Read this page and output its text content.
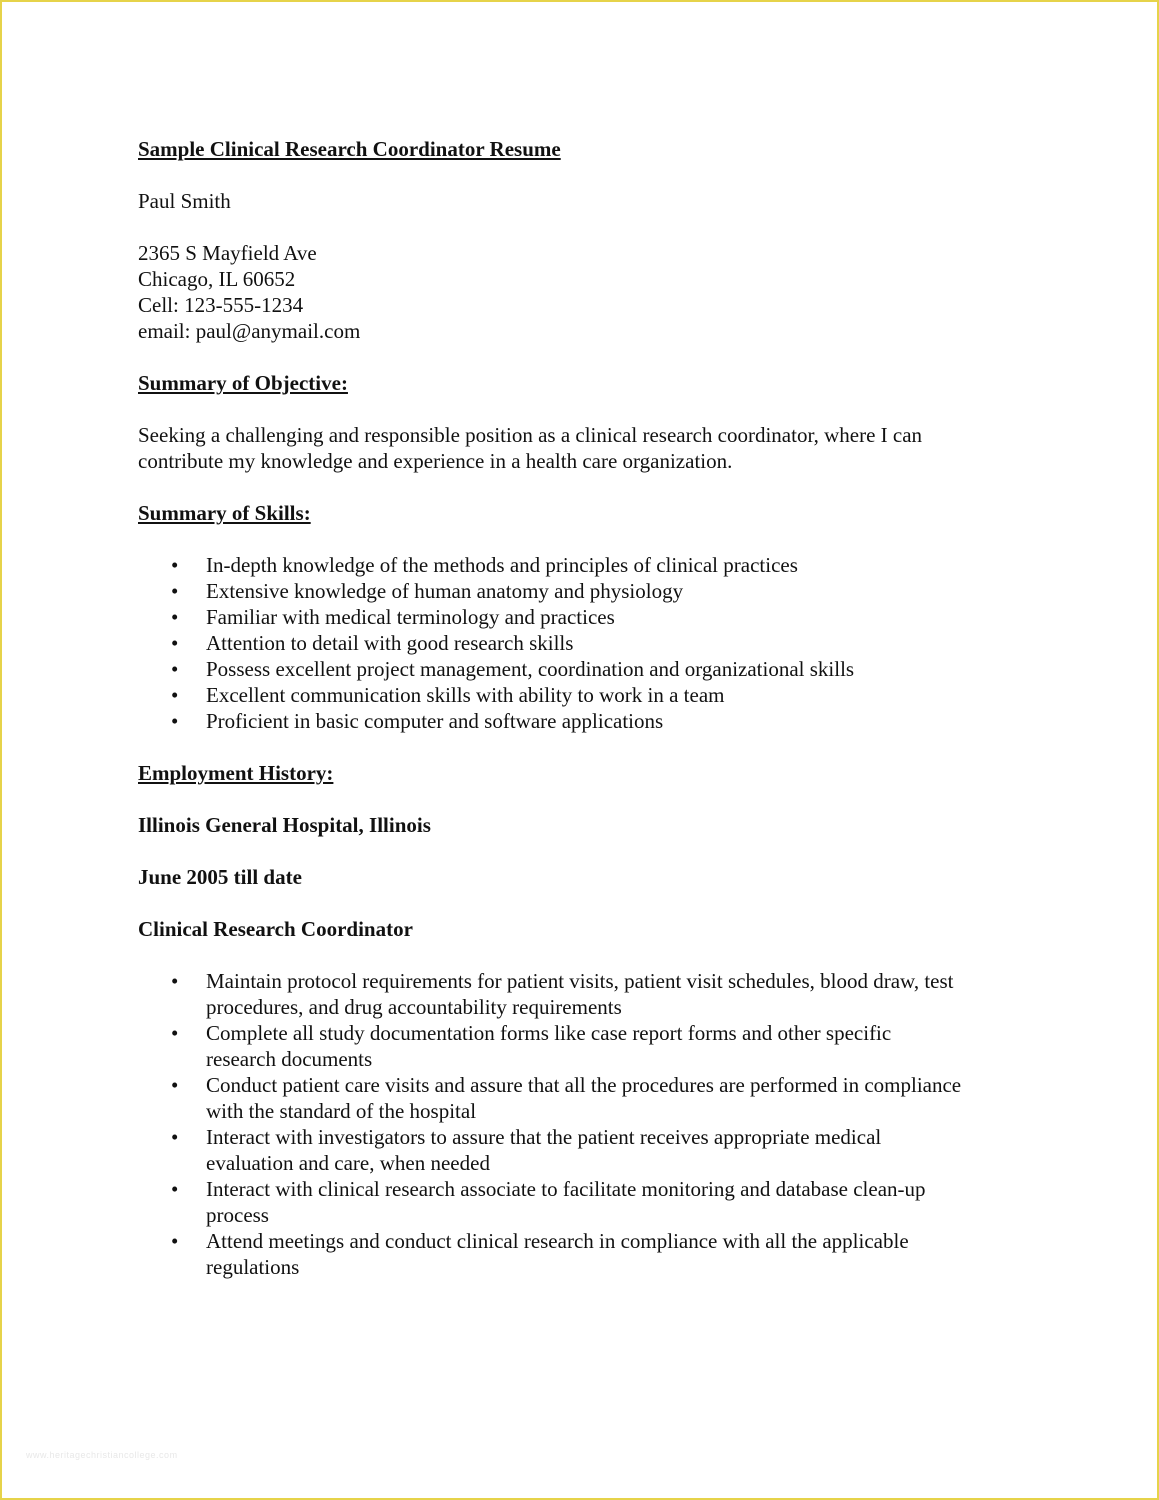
Sample Clinical Research Coordinator Resume
Paul Smith
2365 S Mayfield Ave
Chicago, IL 60652
Cell: 123-555-1234
email: paul@anymail.com
Summary of Objective:
Seeking a challenging and responsible position as a clinical research coordinator, where I can
contribute my knowledge and experience in a health care organization.
Summary of Skills:
• In-depth knowledge of the methods and principles of clinical practices
• Extensive knowledge of human anatomy and physiology
• Familiar with medical terminology and practices
• Attention to detail with good research skills
• Possess excellent project management, coordination and organizational skills
• Excellent communication skills with ability to work in a team
• Proficient in basic computer and software applications
Employment History:
Illinois General Hospital, Illinois
June 2005 till date
Clinical Research Coordinator
• Maintain protocol requirements for patient visits, patient visit schedules, blood draw, test
procedures, and drug accountability requirements
• Complete all study documentation forms like case report forms and other specific
research documents
• Conduct patient care visits and assure that all the procedures are performed in compliance
with the standard of the hospital
• Interact with investigators to assure that the patient receives appropriate medical
evaluation and care, when needed
• Interact with clinical research associate to facilitate monitoring and database clean-up
process
• Attend meetings and conduct clinical research in compliance with all the applicable
regulations
www.heritagechristiancollege.com
